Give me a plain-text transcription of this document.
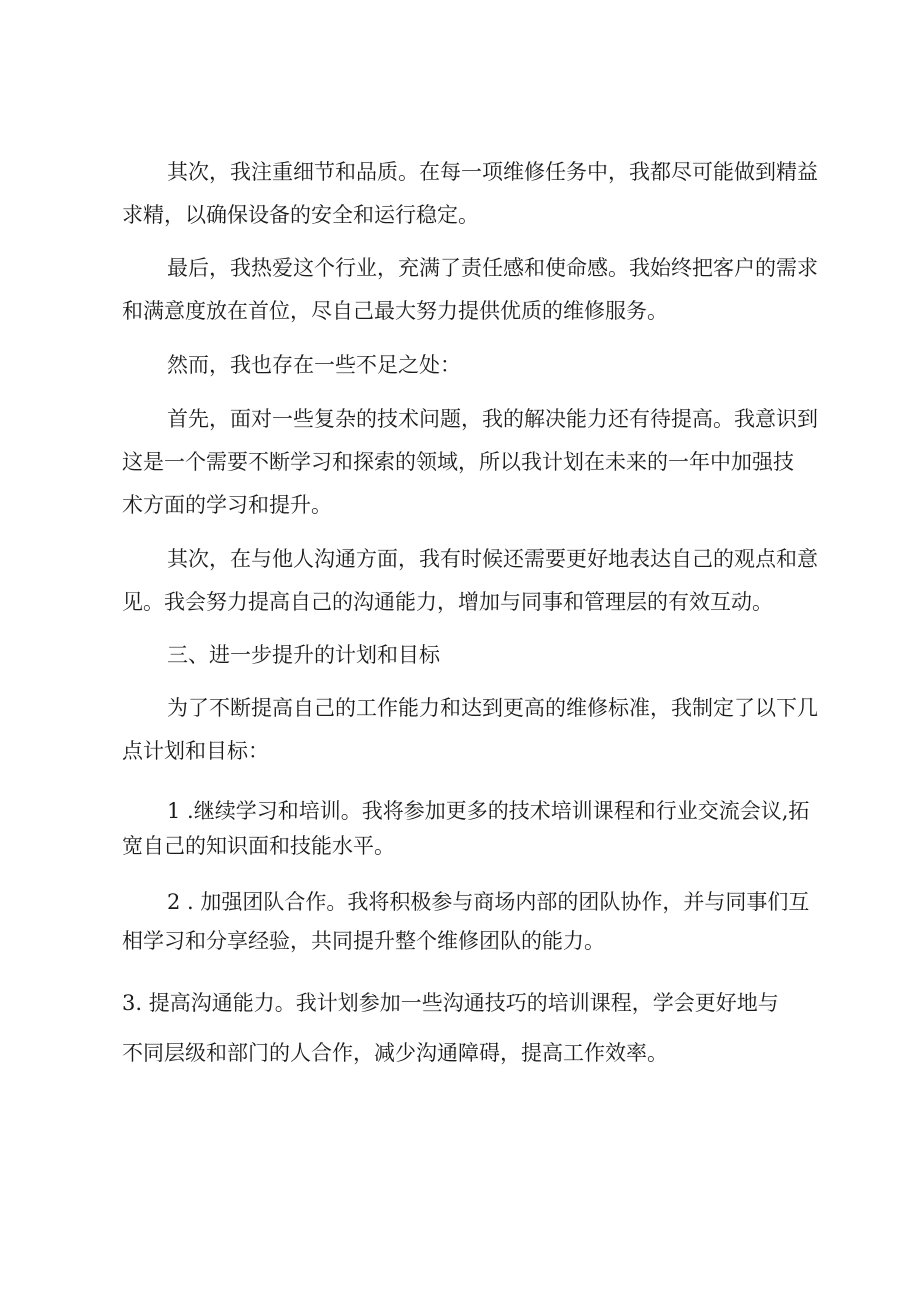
其次，我注重细节和品质。在每一项维修任务中，我都尽可能做到精益

求精，以确保设备的安全和运行稳定。

最后，我热爱这个行业，充满了责任感和使命感。我始终把客户的需求

和满意度放在首位，尽自己最大努力提供优质的维修服务。

然而，我也存在一些不足之处：

首先，面对一些复杂的技术问题，我的解决能力还有待提高。我意识到

这是一个需要不断学习和探索的领域，所以我计划在未来的一年中加强技

术方面的学习和提升。

其次，在与他人沟通方面，我有时候还需要更好地表达自己的观点和意

见。我会努力提高自己的沟通能力，增加与同事和管理层的有效互动。

三、进一步提升的计划和目标

为了不断提高自己的工作能力和达到更高的维修标准，我制定了以下几

点计划和目标：

1 .继续学习和培训。我将参加更多的技术培训课程和行业交流会议,拓

宽自己的知识面和技能水平。

2 . 加强团队合作。我将积极参与商场内部的团队协作，并与同事们互

相学习和分享经验，共同提升整个维修团队的能力。

3. 提高沟通能力。我计划参加一些沟通技巧的培训课程，学会更好地与

不同层级和部门的人合作，减少沟通障碍，提高工作效率。
